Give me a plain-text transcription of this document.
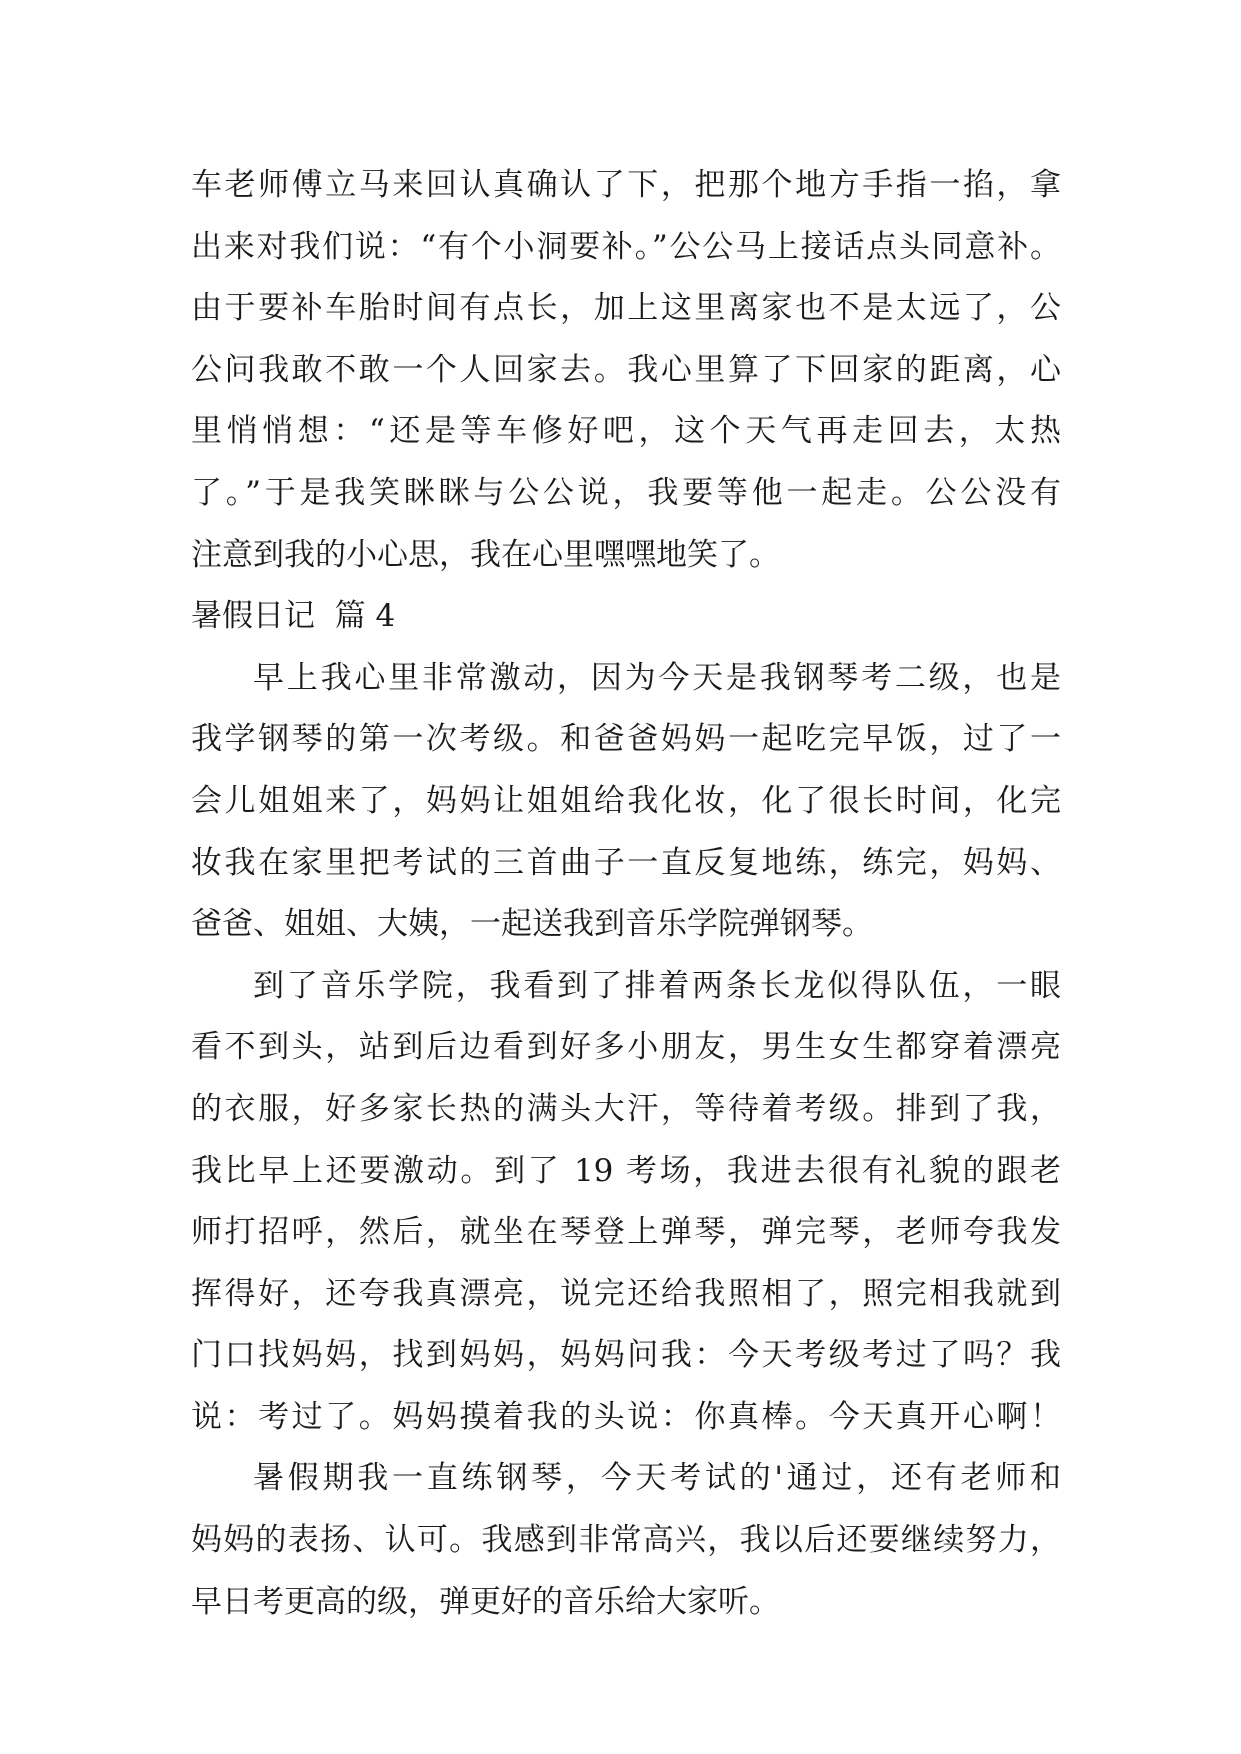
车老师傅立马来回认真确认了下，把那个地方手指一掐，拿
出来对我们说：“有个小洞要补。”公公马上接话点头同意补。
由于要补车胎时间有点长，加上这里离家也不是太远了，公
公问我敢不敢一个人回家去。我心里算了下回家的距离，心
里悄悄想：“还是等车修好吧，这个天气再走回去，太热
了。”于是我笑眯眯与公公说，我要等他一起走。公公没有
注意到我的小心思，我在心里嘿嘿地笑了。
暑假日记  篇 4
早上我心里非常激动，因为今天是我钢琴考二级，也是
我学钢琴的第一次考级。和爸爸妈妈一起吃完早饭，过了一
会儿姐姐来了，妈妈让姐姐给我化妆，化了很长时间，化完
妆我在家里把考试的三首曲子一直反复地练，练完，妈妈、
爸爸、姐姐、大姨，一起送我到音乐学院弹钢琴。
到了音乐学院，我看到了排着两条长龙似得队伍，一眼
看不到头，站到后边看到好多小朋友，男生女生都穿着漂亮
的衣服，好多家长热的满头大汗，等待着考级。排到了我，
我比早上还要激动。到了 19 考场，我进去很有礼貌的跟老
师打招呼，然后，就坐在琴登上弹琴，弹完琴，老师夸我发
挥得好，还夸我真漂亮，说完还给我照相了，照完相我就到
门口找妈妈，找到妈妈，妈妈问我：今天考级考过了吗？我
说：考过了。妈妈摸着我的头说：你真棒。今天真开心啊！
暑假期我一直练钢琴，今天考试的'通过，还有老师和
妈妈的表扬、认可。我感到非常高兴，我以后还要继续努力，
早日考更高的级，弹更好的音乐给大家听。
